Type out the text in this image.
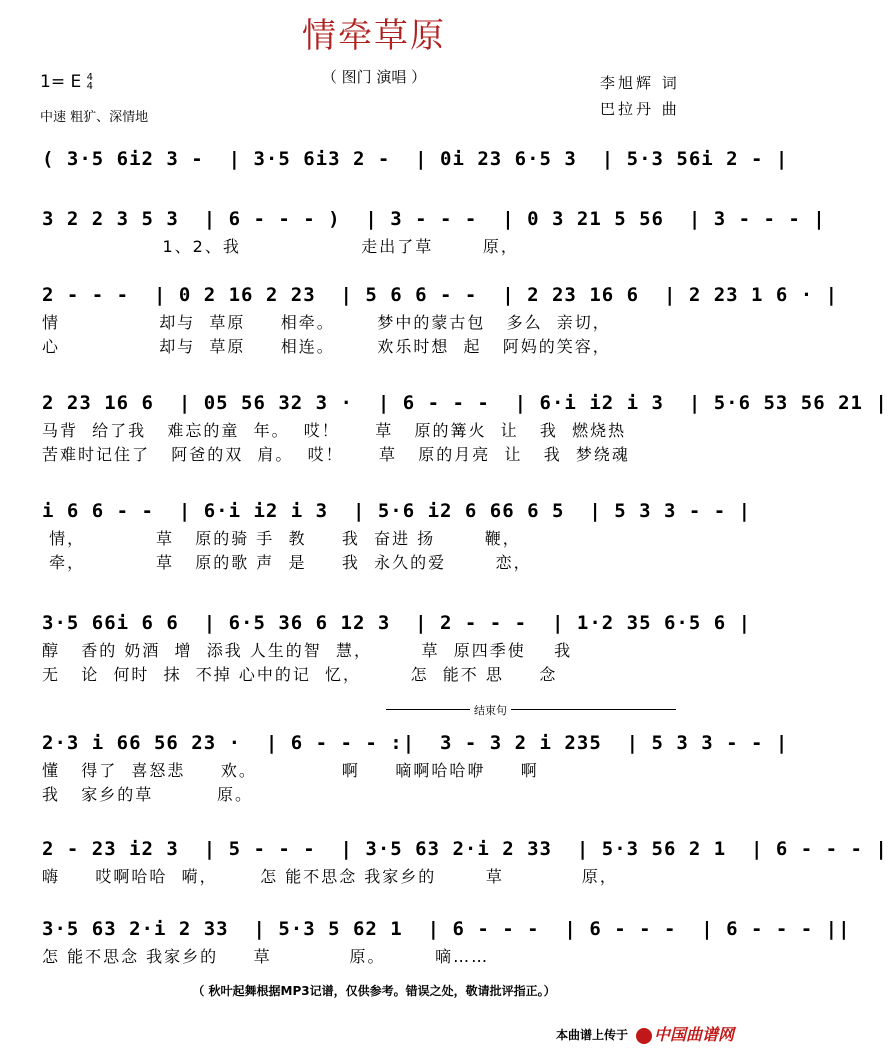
情牵草原
（ 图门 演唱 ）
1= E 4
4
中速 粗犷、深情地
李旭辉 词
巴拉丹 曲
结束句
( 3·5 6i2 3 -  | 3·5 6i3 2 -  | 0i 23 6·5 3  | 5·3 56i 2 - |
3 2 2 3 5 3  | 6 - - - )  | 3 - - -  | 0 3 21 5 56  | 3 - - - |
1、2、我                 走出了草       原，
2 - - -  | 0 2 16 2 23  | 5 6 6 - -  | 2 23 16 6  | 2 23 1 6 · |
情              却与  草原     相牵。      梦中的蒙古包   多么  亲切，
心              却与  草原     相连。      欢乐时想  起   阿妈的笑容，
2 23 16 6  | 05 56 32 3 ·  | 6 - - -  | 6·i i2 i 3  | 5·6 53 56 21 |
马背  给了我   难忘的童  年。  哎！     草   原的篝火  让   我  燃烧热
苦难时记住了   阿爸的双  肩。  哎！     草   原的月亮  让   我  梦绕魂
i 6 6 - -  | 6·i i2 i 3  | 5·6 i2 6 66 6 5  | 5 3 3 - - |
情，          草   原的骑 手  教     我  奋进 扬       鞭，
牵，          草   原的歌 声  是     我  永久的爱       恋，
3·5 66i 6 6  | 6·5 36 6 12 3  | 2 - - -  | 1·2 35 6·5 6 |
醇   香的 奶酒  增  添我 人生的智  慧，       草  原四季使    我
无   论  何时  抹  不掉 心中的记  忆，       怎  能不 思     念
2·3 i 66 56 23 ·  | 6 - - - :|  3 - 3 2 i 235  | 5 3 3 - - |
懂   得了  喜怒悲     欢。            啊     嘀啊哈哈咿     啊
我   家乡的草         原。
2 - 23 i2 3  | 5 - - -  | 3·5 63 2·i 2 33  | 5·3 56 2 1  | 6 - - - |
嗨     哎啊哈哈  嗬，      怎 能不思念 我家乡的       草           原，
3·5 63 2·i 2 33  | 5·3 5 62 1  | 6 - - -  | 6 - - -  | 6 - - - ||
怎 能不思念 我家乡的     草           原。       嘀……
（ 秋叶起舞根据MP3记谱，仅供参考。错误之处，敬请批评指正。）
本曲谱上传于	中国曲谱网
